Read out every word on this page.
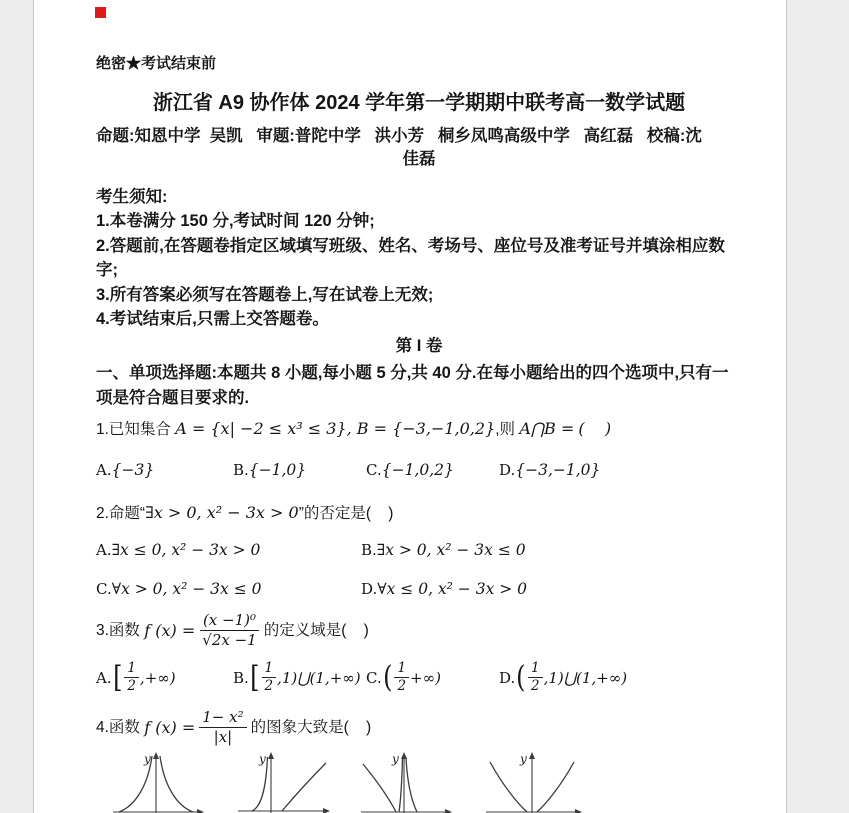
绝密★考试结束前
浙江省 A9 协作体 2024 学年第一学期期中联考高一数学试题
命题:知恩中学  吴凯   审题:普陀中学   洪小芳   桐乡凤鸣高级中学   高红磊   校稿:沈
佳磊
考生须知:
1.本卷满分 150 分,考试时间 120 分钟;
2.答题前,在答题卷指定区域填写班级、姓名、考场号、座位号及准考证号并填涂相应数字;
3.所有答案必须写在答题卷上,写在试卷上无效;
4.考试结束后,只需上交答题卷。
第 I 卷
一、单项选择题:本题共 8 小题,每小题 5 分,共 40 分.在每小题给出的四个选项中,只有一项是符合题目要求的.
1.已知集合 A = {x| −2 ≤ x³ ≤ 3}, B = {−3,−1,0,2},则 A⋂B = (    )
A. {−3}	B. {−1,0}	C. {−1,0,2}	D. {−3,−1,0}
2.命题“∃x > 0, x² − 3x > 0”的否定是(    )
A. ∃x ≤ 0, x² − 3x > 0	B. ∃x > 0, x² − 3x ≤ 0
C. ∀x > 0, x² − 3x ≤ 0	D. ∀x ≤ 0, x² − 3x > 0
3.函数 f $(x) = \frac{\text{(x −1)⁰}}{√2x -1}$ 的定义域是(    )
A. [ $\frac{1}{2}$ ,+∞)	B. [ $\frac{1}{2}$ ,1)⋃(1,+∞) C. ( $\frac{1}{2}$ +∞)	D. ( $\frac{1}{2}$ ,1)⋃(1,+∞)
4.函数 f $(x) = \frac{\text{1− x²}}{|x|}$ 的图象大致是(    )
y	y	y	y
